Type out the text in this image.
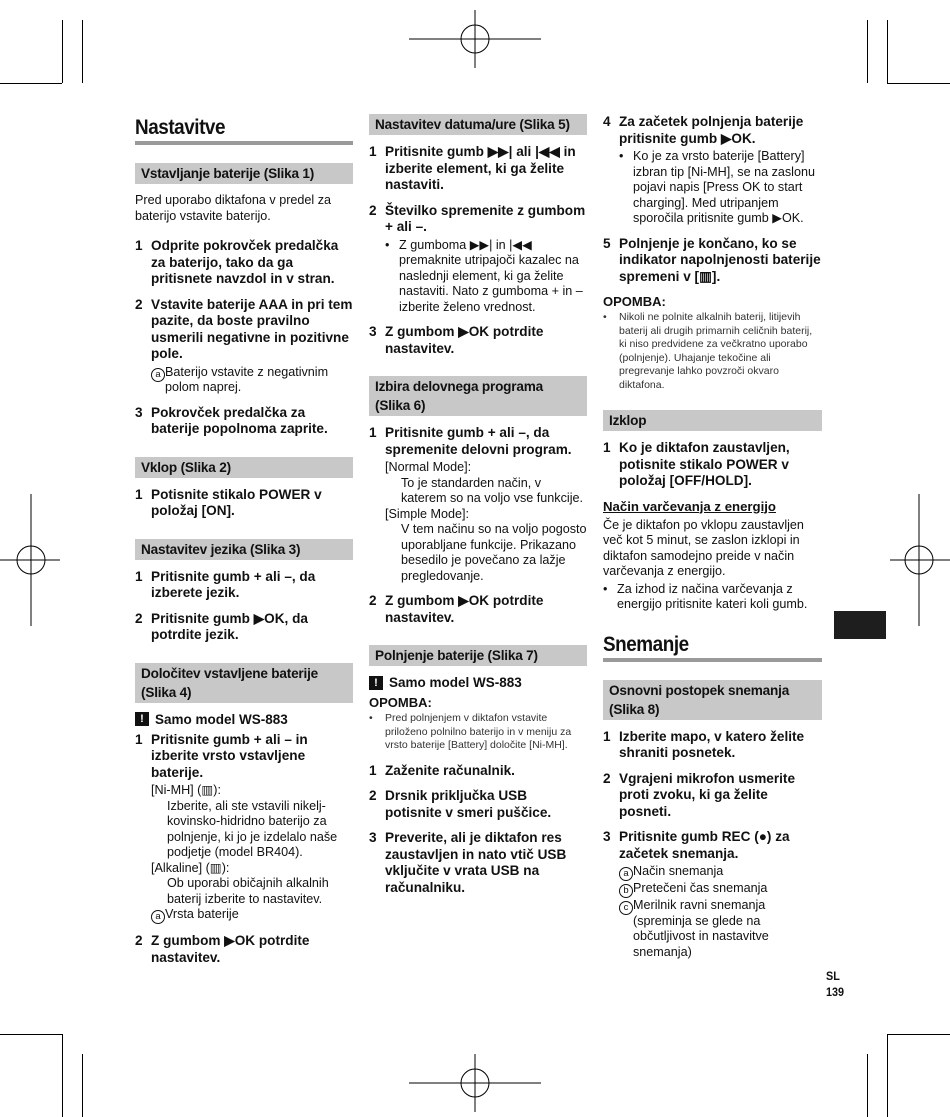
Nastavitve
Vstavljanje baterije (Slika 1)
Pred uporabo diktafona v predel za baterijo vstavite baterijo.
1 Odprite pokrovček predalčka za baterijo, tako da ga pritisnete navzdol in v stran.
2 Vstavite baterije AAA in pri tem pazite, da boste pravilno usmerili negativne in pozitivne pole.
a Baterijo vstavite z negativnim polom naprej.
3 Pokrovček predalčka za baterije popolnoma zaprite.
Vklop (Slika 2)
1 Potisnite stikalo POWER v položaj [ON].
Nastavitev jezika (Slika 3)
1 Pritisnite gumb + ali –, da izberete jezik.
2 Pritisnite gumb ▶OK, da potrdite jezik.
Določitev vstavljene baterije (Slika 4)
! Samo model WS-883
1 Pritisnite gumb + ali – in izberite vrsto vstavljene baterije.
[Ni-MH] (▥):
Izberite, ali ste vstavili nikelj-kovinsko-hidridno baterijo za polnjenje, ki jo je izdelalo naše podjetje (model BR404).
[Alkaline] (▥):
Ob uporabi običajnih alkalnih baterij izberite to nastavitev.
a Vrsta baterije
2 Z gumbom ▶OK potrdite nastavitev.
Nastavitev datuma/ure (Slika 5)
1 Pritisnite gumb ▶▶| ali |◀◀ in izberite element, ki ga želite nastaviti.
2 Številko spremenite z gumbom + ali –.
• Z gumboma ▶▶| in |◀◀ premaknite utripajoči kazalec na naslednji element, ki ga želite nastaviti. Nato z gumboma + in – izberite želeno vrednost.
3 Z gumbom ▶OK potrdite nastavitev.
Izbira delovnega programa (Slika 6)
1 Pritisnite gumb + ali –, da spremenite delovni program.
[Normal Mode]:
To je standarden način, v katerem so na voljo vse funkcije.
[Simple Mode]:
V tem načinu so na voljo pogosto uporabljane funkcije. Prikazano besedilo je povečano za lažje pregledovanje.
2 Z gumbom ▶OK potrdite nastavitev.
Polnjenje baterije (Slika 7)
! Samo model WS-883
OPOMBA:
•	Pred polnjenjem v diktafon vstavite priloženo polnilno baterijo in v meniju za vrsto baterije [Battery] določite [Ni-MH].
1 Zaženite računalnik.
2 Drsnik priključka USB potisnite v smeri puščice.
3 Preverite, ali je diktafon res zaustavljen in nato vtič USB vključite v vrata USB na računalniku.
4 Za začetek polnjenja baterije pritisnite gumb ▶OK.
• Ko je za vrsto baterije [Battery] izbran tip [Ni-MH], se na zaslonu pojavi napis [Press OK to start charging]. Med utripanjem sporočila pritisnite gumb ▶OK.
5 Polnjenje je končano, ko se indikator napolnjenosti baterije spremeni v [▥].
OPOMBA:
•	Nikoli ne polnite alkalnih baterij, litijevih baterij ali drugih primarnih celičnih baterij, ki niso predvidene za večkratno uporabo (polnjenje). Uhajanje tekočine ali pregrevanje lahko povzroči okvaro diktafona.
Izklop
1 Ko je diktafon zaustavljen, potisnite stikalo POWER v položaj [OFF/HOLD].
Način varčevanja z energijo
Če je diktafon po vklopu zaustavljen več kot 5 minut, se zaslon izklopi in diktafon samodejno preide v način varčevanja z energijo.
• Za izhod iz načina varčevanja z energijo pritisnite kateri koli gumb.
Snemanje
Osnovni postopek snemanja (Slika 8)
1 Izberite mapo, v katero želite shraniti posnetek.
2 Vgrajeni mikrofon usmerite proti zvoku, ki ga želite posneti.
3 Pritisnite gumb REC (●) za začetek snemanja.
a Način snemanja
b Pretečeni čas snemanja
c Merilnik ravni snemanja (spreminja se glede na občutljivost in nastavitve snemanja)
SL
139
